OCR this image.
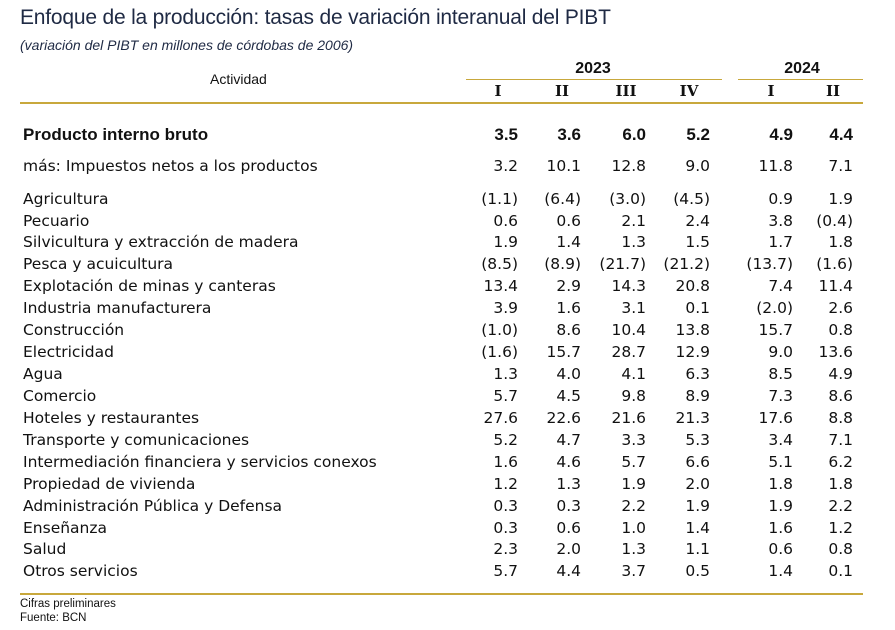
Enfoque de la producción: tasas de variación interanual del PIBT
(variación del PIBT en millones de córdobas de 2006)
Actividad
2023	2024
I	II	III	IV	I	II
Producto interno bruto	3.5	3.6	6.0	5.2	4.9	4.4
más: Impuestos netos a los productos	3.2	10.1	12.8	9.0	11.8	7.1
Agricultura	(1.1)	(6.4)	(3.0)	(4.5)	0.9	1.9
Pecuario	0.6	0.6	2.1	2.4	3.8	(0.4)
Silvicultura y extracción de madera	1.9	1.4	1.3	1.5	1.7	1.8
Pesca y acuicultura	(8.5)	(8.9)	(21.7)	(21.2)	(13.7)	(1.6)
Explotación de minas y canteras	13.4	2.9	14.3	20.8	7.4	11.4
Industria manufacturera	3.9	1.6	3.1	0.1	(2.0)	2.6
Construcción	(1.0)	8.6	10.4	13.8	15.7	0.8
Electricidad	(1.6)	15.7	28.7	12.9	9.0	13.6
Agua	1.3	4.0	4.1	6.3	8.5	4.9
Comercio	5.7	4.5	9.8	8.9	7.3	8.6
Hoteles y restaurantes	27.6	22.6	21.6	21.3	17.6	8.8
Transporte y comunicaciones	5.2	4.7	3.3	5.3	3.4	7.1
Intermediación financiera y servicios conexos	1.6	4.6	5.7	6.6	5.1	6.2
Propiedad de vivienda	1.2	1.3	1.9	2.0	1.8	1.8
Administración Pública y Defensa	0.3	0.3	2.2	1.9	1.9	2.2
Enseñanza	0.3	0.6	1.0	1.4	1.6	1.2
Salud	2.3	2.0	1.3	1.1	0.6	0.8
Otros servicios	5.7	4.4	3.7	0.5	1.4	0.1
Cifras preliminares
Fuente: BCN
